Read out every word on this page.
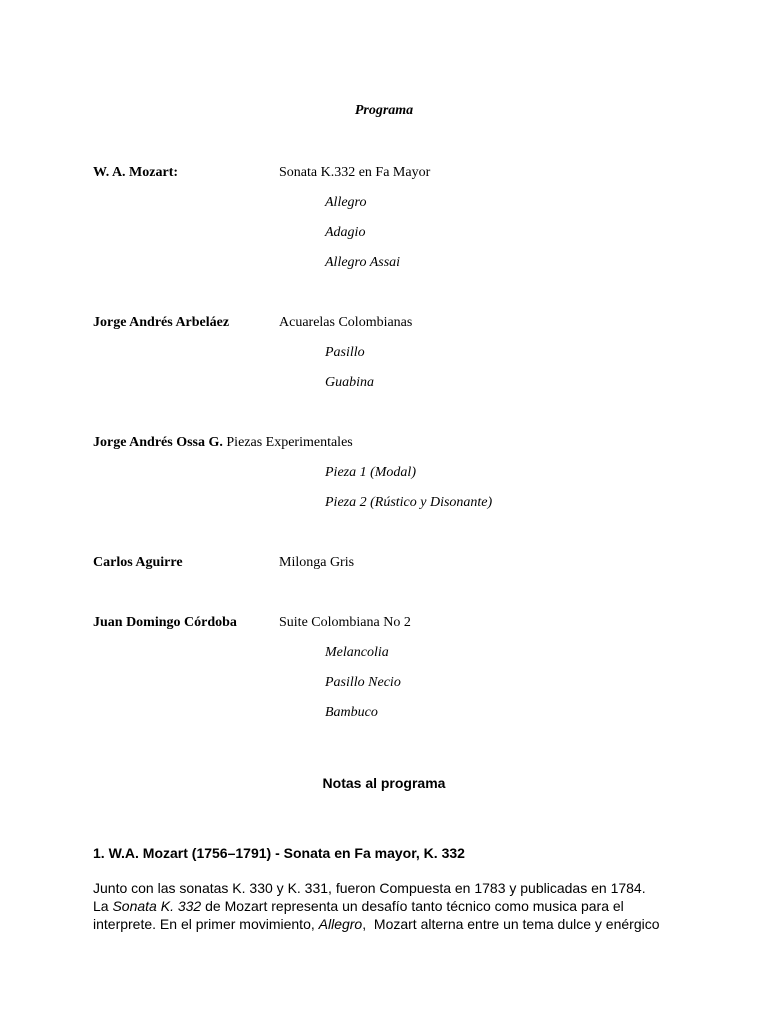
Programa
W. A. Mozart:	Sonata K.332 en Fa Mayor
Allegro
Adagio
Allegro Assai
Jorge Andrés Arbeláez	Acuarelas Colombianas
Pasillo
Guabina
Jorge Andrés Ossa G. Piezas Experimentales
Pieza 1 (Modal)
Pieza 2 (Rústico y Disonante)
Carlos Aguirre	Milonga Gris
Juan Domingo Córdoba	Suite Colombiana No 2
Melancolia
Pasillo Necio
Bambuco
Notas al programa
1. W.A. Mozart (1756–1791) - Sonata en Fa mayor, K. 332
Junto con las sonatas K. 330 y K. 331, fueron Compuesta en 1783 y publicadas en 1784.
La Sonata K. 332 de Mozart representa un desafío tanto técnico como musica para el
interprete. En el primer movimiento, Allegro,  Mozart alterna entre un tema dulce y enérgico
